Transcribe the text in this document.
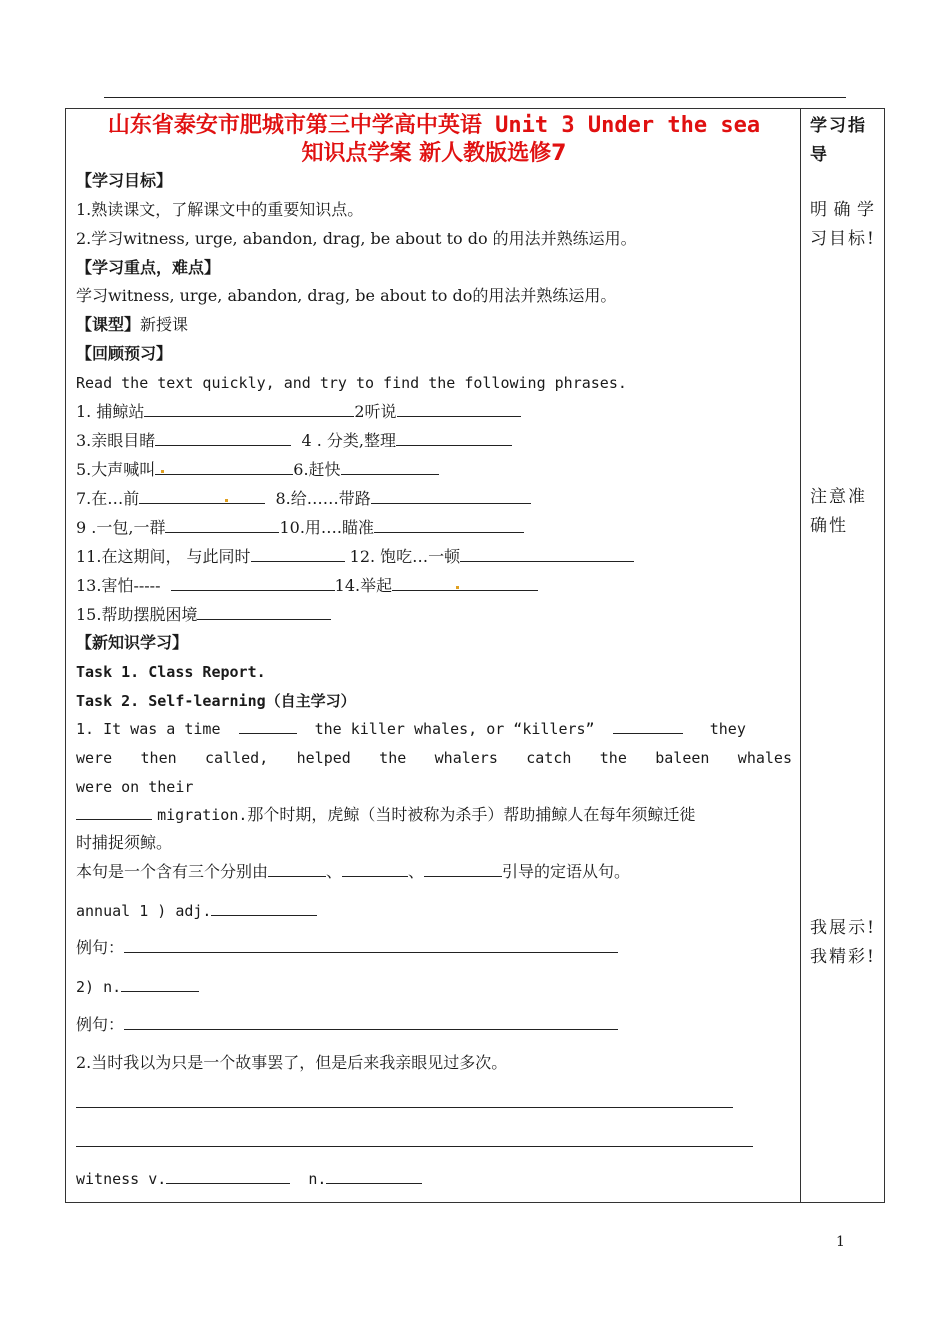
山东省泰安市肥城市第三中学高中英语 Unit 3 Under the sea
知识点学案 新人教版选修7
【学习目标】
1.熟读课文，了解课文中的重要知识点。
2.学习witness, urge, abandon, drag, be about to do 的用法并熟练运用。
【学习重点，难点】
学习witness, urge, abandon, drag, be about to do的用法并熟练运用。
【课型】新授课
【回顾预习】
Read the text quickly, and try to find the following phrases.
1. 捕鲸站	2听说
3.亲眼目睹	4 . 分类,整理
5.大声喊叫	6.赶快
7.在…前	8.给……带路
9 .一包,一群	10.用….瞄准
11.在这期间， 与此同时	12. 饱吃…一顿
13.害怕-----	14.举起
15.帮助摆脱困境
【新知识学习】
Task 1. Class Report.
Task 2. Self-learning（自主学习）
1. It was a time	the killer whales, or “killers”	they
were then called, helped the whalers catch the baleen whales
were on their
migration.那个时期，虎鲸（当时被称为杀手）帮助捕鲸人在每年须鲸迁徙
时捕捉须鲸。
本句是一个含有三个分别由	、	、	引导的定语从句。
annual 1 ) adj.
例句：
2) n.
例句：
2.当时我以为只是一个故事罢了，但是后来我亲眼见过多次。
witness v.	n.
学习指导
明确学习目标!
注意准确性
我展示!我精彩!
1
